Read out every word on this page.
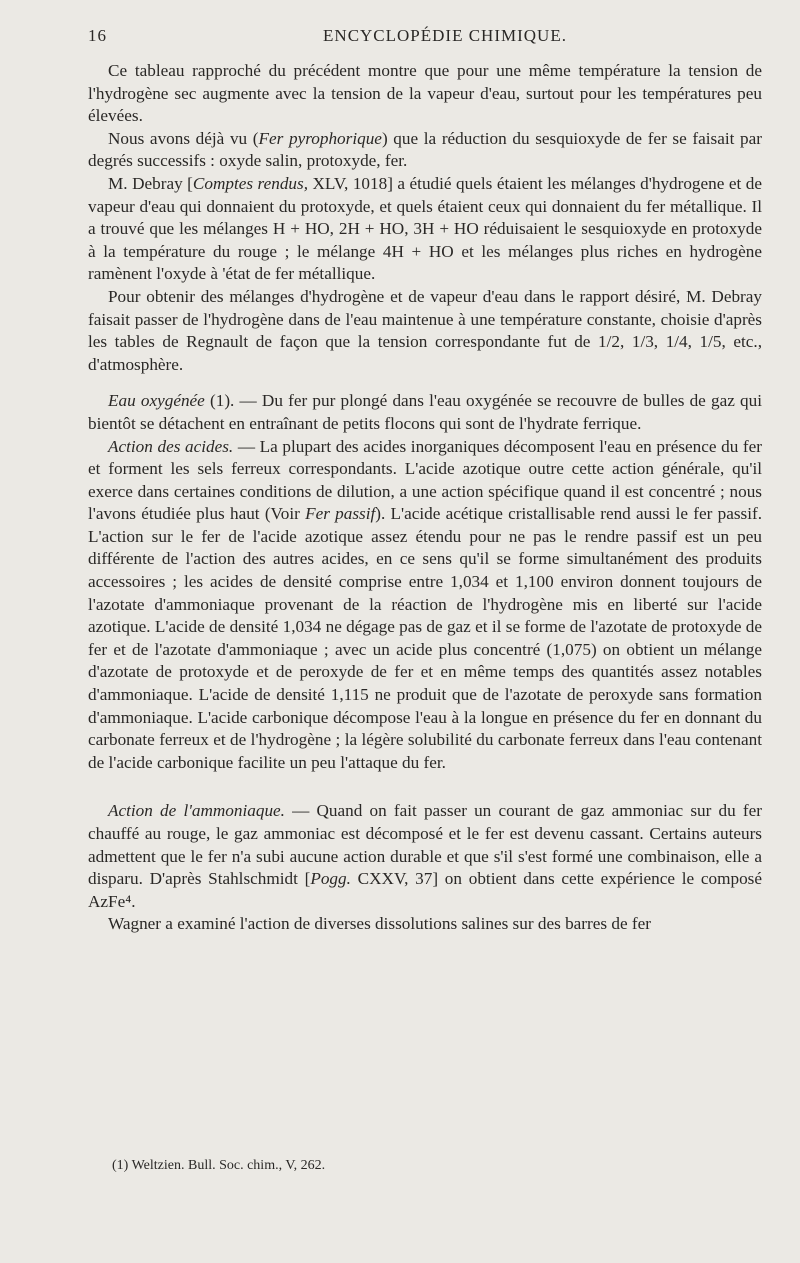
16	ENCYCLOPÉDIE CHIMIQUE.

Ce tableau rapproché du précédent montre que pour une même température la tension de l'hydrogène sec augmente avec la tension de la vapeur d'eau, surtout pour les températures peu élevées.

Nous avons déjà vu (Fer pyrophorique) que la réduction du sesquioxyde de fer se faisait par degrés successifs : oxyde salin, protoxyde, fer.

M. Debray [Comptes rendus, XLV, 1018] a étudié quels étaient les mélanges d'hydrogene et de vapeur d'eau qui donnaient du protoxyde, et quels étaient ceux qui donnaient du fer métallique. Il a trouvé que les mélanges H + HO, 2H + HO, 3H + HO réduisaient le sesquioxyde en protoxyde à la température du rouge ; le mélange 4H + HO et les mélanges plus riches en hydrogène ramènent l'oxyde à 'état de fer métallique.

Pour obtenir des mélanges d'hydrogène et de vapeur d'eau dans le rapport désiré, M. Debray faisait passer de l'hydrogène dans de l'eau maintenue à une température constante, choisie d'après les tables de Regnault de façon que la tension correspondante fut de 1/2, 1/3, 1/4, 1/5, etc., d'atmosphère.

Eau oxygénée (1). — Du fer pur plongé dans l'eau oxygénée se recouvre de bulles de gaz qui bientôt se détachent en entraînant de petits flocons qui sont de l'hydrate ferrique.

Action des acides. — La plupart des acides inorganiques décomposent l'eau en présence du fer et forment les sels ferreux correspondants. L'acide azotique outre cette action générale, qu'il exerce dans certaines conditions de dilution, a une action spécifique quand il est concentré ; nous l'avons étudiée plus haut (Voir Fer passif). L'acide acétique cristallisable rend aussi le fer passif. L'action sur le fer de l'acide azotique assez étendu pour ne pas le rendre passif est un peu différente de l'action des autres acides, en ce sens qu'il se forme simultanément des produits accessoires ; les acides de densité comprise entre 1,034 et 1,100 environ donnent toujours de l'azotate d'ammoniaque provenant de la réaction de l'hydrogène mis en liberté sur l'acide azotique. L'acide de densité 1,034 ne dégage pas de gaz et il se forme de l'azotate de protoxyde de fer et de l'azotate d'ammoniaque ; avec un acide plus concentré (1,075) on obtient un mélange d'azotate de protoxyde et de peroxyde de fer et en même temps des quantités assez notables d'ammoniaque. L'acide de densité 1,115 ne produit que de l'azotate de peroxyde sans formation d'ammoniaque. L'acide carbonique décompose l'eau à la longue en présence du fer en donnant du carbonate ferreux et de l'hydrogène ; la légère solubilité du carbonate ferreux dans l'eau contenant de l'acide carbonique facilite un peu l'attaque du fer.

Action de l'ammoniaque. — Quand on fait passer un courant de gaz ammoniac sur du fer chauffé au rouge, le gaz ammoniac est décomposé et le fer est devenu cassant. Certains auteurs admettent que le fer n'a subi aucune action durable et que s'il s'est formé une combinaison, elle a disparu. D'après Stahlschmidt [Pogg. CXXV, 37] on obtient dans cette expérience le composé AzFe⁴.

Wagner a examiné l'action de diverses dissolutions salines sur des barres de fer

(1) Weltzien. Bull. Soc. chim., V, 262.
